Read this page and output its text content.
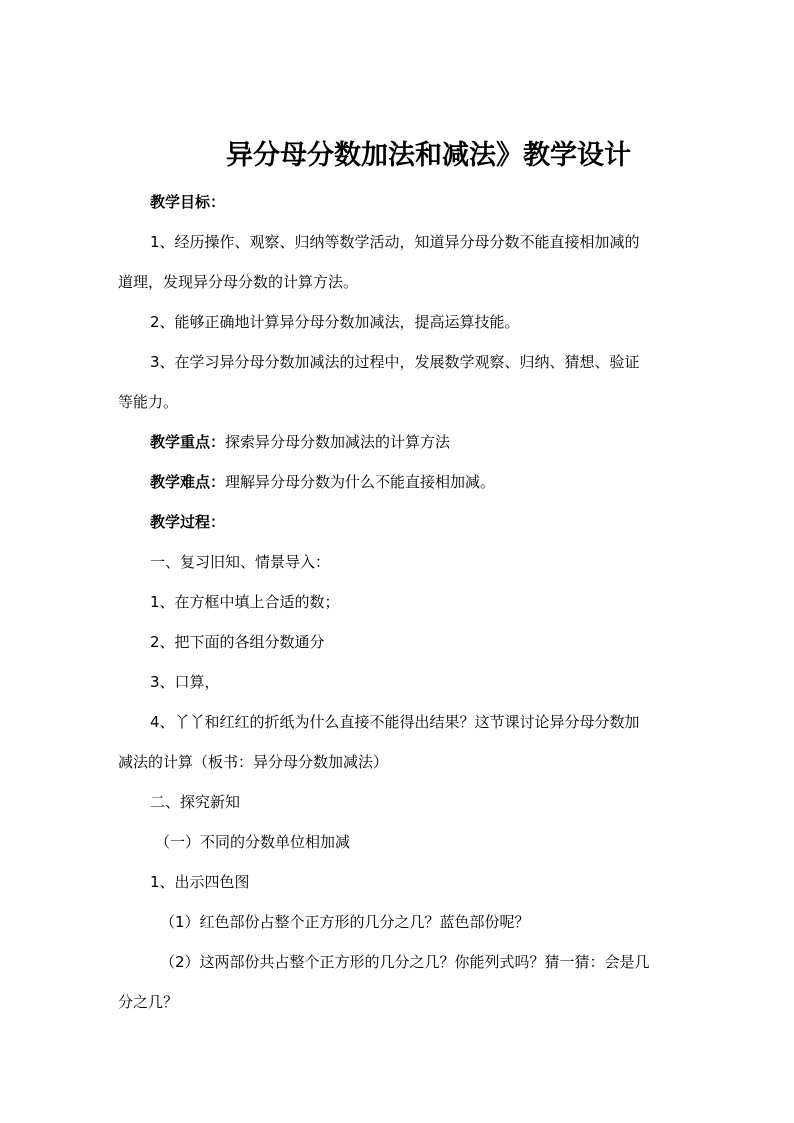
异分母分数加法和减法》教学设计
教学目标：
1、经历操作、观察、归纳等数学活动，知道异分母分数不能直接相加减的
道理，发现异分母分数的计算方法。
2、能够正确地计算异分母分数加减法，提高运算技能。
3、在学习异分母分数加减法的过程中，发展数学观察、归纳、猜想、验证
等能力。
教学重点：探索异分母分数加减法的计算方法
教学难点：理解异分母分数为什么不能直接相加减。
教学过程：
一、复习旧知、情景导入：
1、在方框中填上合适的数；
2、把下面的各组分数通分
3、口算，
4、丫丫和红红的折纸为什么直接不能得出结果？这节课讨论异分母分数加
减法的计算（板书：异分母分数加减法）
二、探究新知
（一）不同的分数单位相加减
1、出示四色图
（1）红色部份占整个正方形的几分之几？蓝色部份呢？
（2）这两部份共占整个正方形的几分之几？你能列式吗？猜一猜：会是几
分之几？
